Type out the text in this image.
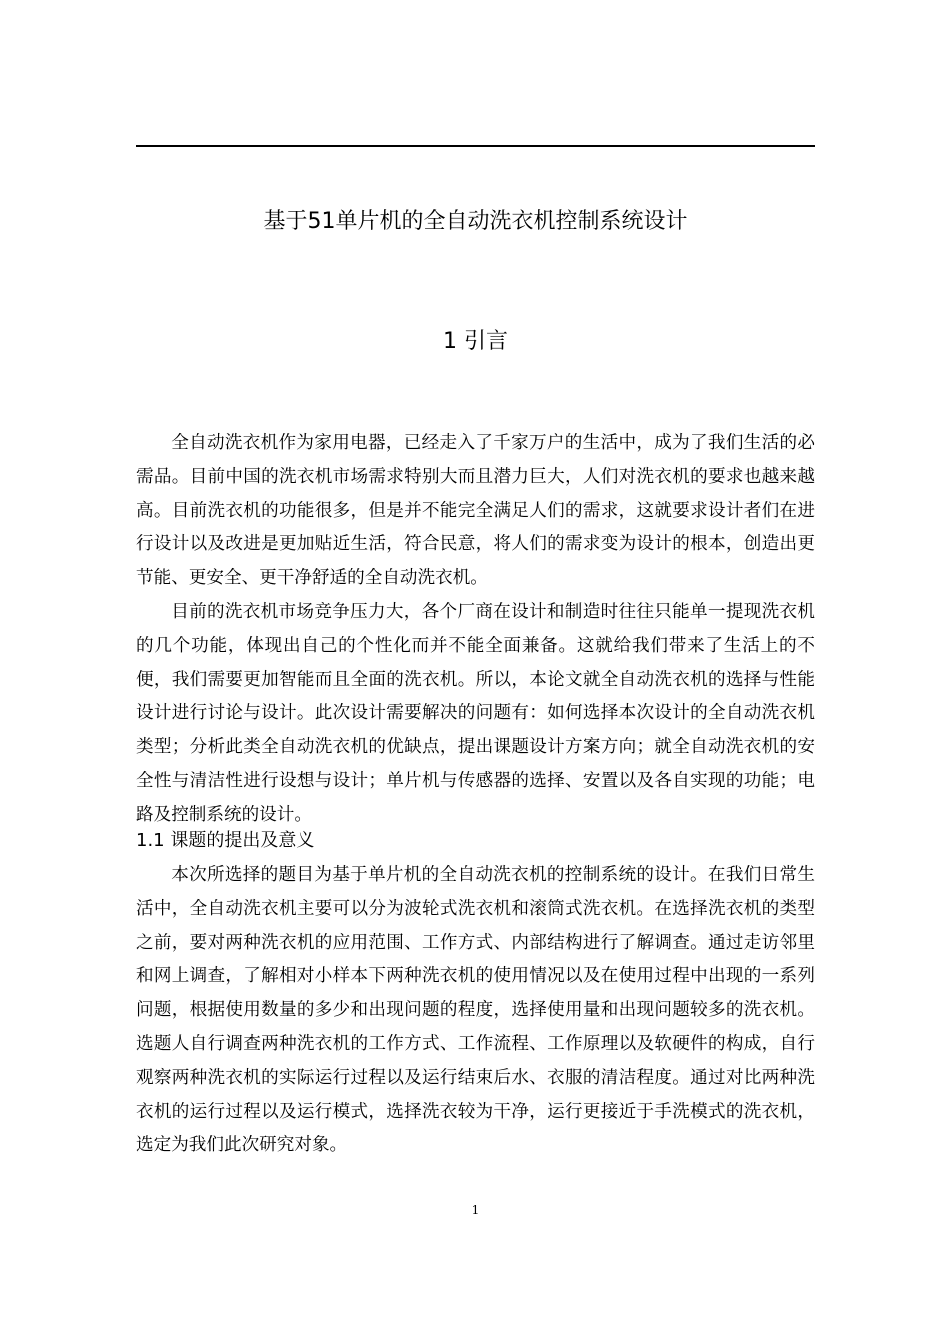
基于51单片机的全自动洗衣机控制系统设计
1 引言

全自动洗衣机作为家用电器，已经走入了千家万户的生活中，成为了我们生活的必需品。目前中国的洗衣机市场需求特别大而且潜力巨大，人们对洗衣机的要求也越来越高。目前洗衣机的功能很多，但是并不能完全满足人们的需求，这就要求设计者们在进行设计以及改进是更加贴近生活，符合民意，将人们的需求变为设计的根本，创造出更节能、更安全、更干净舒适的全自动洗衣机。

目前的洗衣机市场竞争压力大，各个厂商在设计和制造时往往只能单一提现洗衣机的几个功能，体现出自己的个性化而并不能全面兼备。这就给我们带来了生活上的不便，我们需要更加智能而且全面的洗衣机。所以，本论文就全自动洗衣机的选择与性能设计进行讨论与设计。此次设计需要解决的问题有：如何选择本次设计的全自动洗衣机类型；分析此类全自动洗衣机的优缺点，提出课题设计方案方向；就全自动洗衣机的安全性与清洁性进行设想与设计；单片机与传感器的选择、安置以及各自实现的功能；电路及控制系统的设计。

1.1 课题的提出及意义

本次所选择的题目为基于单片机的全自动洗衣机的控制系统的设计。在我们日常生活中，全自动洗衣机主要可以分为波轮式洗衣机和滚筒式洗衣机。在选择洗衣机的类型之前，要对两种洗衣机的应用范围、工作方式、内部结构进行了解调查。通过走访邻里和网上调查，了解相对小样本下两种洗衣机的使用情况以及在使用过程中出现的一系列问题，根据使用数量的多少和出现问题的程度，选择使用量和出现问题较多的洗衣机。选题人自行调查两种洗衣机的工作方式、工作流程、工作原理以及软硬件的构成，自行观察两种洗衣机的实际运行过程以及运行结束后水、衣服的清洁程度。通过对比两种洗衣机的运行过程以及运行模式，选择洗衣较为干净，运行更接近于手洗模式的洗衣机，选定为我们此次研究对象。

1
